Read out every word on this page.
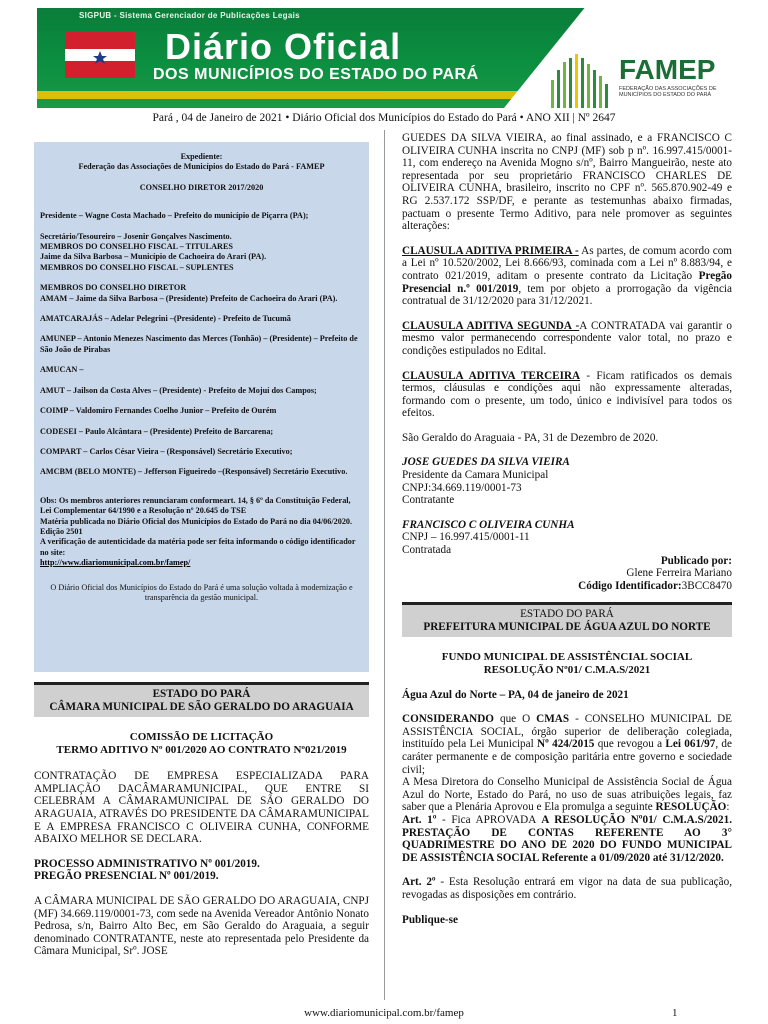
SIGPUB - Sistema Gerenciador de Publicações Legais
Diário Oficial
DOS MUNICÍPIOS DO ESTADO DO PARÁ	FAMEP
FEDERAÇÃO DAS ASSOCIAÇÕES DE MUNICÍPIOS DO ESTADO DO PARÁ
Pará , 04 de Janeiro de 2021 • Diário Oficial dos Municípios do Estado do Pará • ANO XII | Nº 2647

Expediente:

Federação das Associações de Municípios do Estado do Pará - FAMEP

CONSELHO DIRETOR 2017/2020

Presidente – Wagne Costa Machado – Prefeito do município de Piçarra (PA);

Secretário/Tesoureiro – Josenir Gonçalves Nascimento.

MEMBROS DO CONSELHO FISCAL – TITULARES

Jaime da Silva Barbosa – Município de Cachoeira do Arari (PA).

MEMBROS DO CONSELHO FISCAL – SUPLENTES

MEMBROS DO CONSELHO DIRETOR

AMAM – Jaime da Silva Barbosa – (Presidente) Prefeito de Cachoeira do Arari (PA).

AMATCARAJÁS – Adelar Pelegrini –(Presidente) - Prefeito de Tucumã

AMUNEP – Antonio Menezes Nascimento das Merces (Tonhão) – (Presidente) – Prefeito de São João de Pirabas

AMUCAN –

AMUT – Jailson da Costa Alves – (Presidente) - Prefeito de Mojuí dos Campos;

COIMP – Valdomiro Fernandes Coelho Junior – Prefeito de Ourém

CODESEI – Paulo Alcântara – (Presidente) Prefeito de Barcarena;

COMPART – Carlos César Vieira – (Responsável) Secretário Executivo;

AMCBM (BELO MONTE) – Jefferson Figueiredo –(Responsável) Secretário Executivo.

Obs: Os membros anteriores renunciaram conformeart. 14, § 6º da Constituição Federal, Lei Complementar 64/1990 e a Resolução nº 20.645 do TSE

Matéria publicada no Diário Oficial dos Municípios do Estado do Pará no dia 04/06/2020. Edição 2501

A verificação de autenticidade da matéria pode ser feita informando o código identificador no site:

http://www.diariomunicipal.com.br/famep/

O Diário Oficial dos Municípios do Estado do Pará é uma solução voltada à modernização e transparência da gestão municipal.

ESTADO DO PARÁ
CÂMARA MUNICIPAL DE SÃO GERALDO DO ARAGUAIA

COMISSÃO DE LICITAÇÃO

TERMO ADITIVO Nº 001/2020 AO CONTRATO Nº021/2019

CONTRATAÇÃO DE EMPRESA ESPECIALIZADA PARA AMPLIAÇÃO DACÂMARAMUNICIPAL, QUE ENTRE SI CELEBRAM A CÂMARAMUNICIPAL DE SÃO GERALDO DO ARAGUAIA, ATRAVÉS DO PRESIDENTE DA CÂMARAMUNICIPAL E A EMPRESA FRANCISCO C OLIVEIRA CUNHA, CONFORME ABAIXO MELHOR SE DECLARA.

PROCESSO ADMINISTRATIVO Nº 001/2019.

PREGÃO PRESENCIAL Nº 001/2019.

A CÂMARA MUNICIPAL DE SÃO GERALDO DO ARAGUAIA, CNPJ (MF) 34.669.119/0001-73, com sede na Avenida Vereador Antônio Nonato Pedrosa, s/n, Bairro Alto Bec, em São Geraldo do Araguaia, a seguir denominado CONTRATANTE, neste ato representada pelo Presidente da Câmara Municipal, Srº. JOSE

GUEDES DA SILVA VIEIRA, ao final assinado, e a FRANCISCO C OLIVEIRA CUNHA inscrita no CNPJ (MF) sob p nº. 16.997.415/0001-11, com endereço na Avenida Mogno s/nº, Bairro Mangueirão, neste ato representada por seu proprietário FRANCISCO CHARLES DE OLIVEIRA CUNHA, brasileiro, inscrito no CPF nº. 565.870.902-49 e RG 2.537.172 SSP/DF, e perante as testemunhas abaixo firmadas, pactuam o presente Termo Aditivo, para nele promover as seguintes alterações:

CLAUSULA ADITIVA PRIMEIRA - As partes, de comum acordo com a Lei nº 10.520/2002, Lei 8.666/93, cominada com a Lei nº 8.883/94, e contrato 021/2019, aditam o presente contrato da Licitação Pregão Presencial n.º 001/2019, tem por objeto a prorrogação da vigência contratual de 31/12/2020 para 31/12/2021.

CLAUSULA ADITIVA SEGUNDA -A CONTRATADA vai garantir o mesmo valor permanecendo correspondente valor total, no prazo e condições estipulados no Edital.

CLAUSULA ADITIVA TERCEIRA - Ficam ratificados os demais termos, cláusulas e condições aqui não expressamente alteradas, formando com o presente, um todo, único e indivisível para todos os efeitos.

São Geraldo do Araguaia - PA, 31 de Dezembro de 2020.

JOSE GUEDES DA SILVA VIEIRA

Presidente da Camara Municipal

CNPJ:34.669.119/0001-73

Contratante

FRANCISCO C OLIVEIRA CUNHA

CNPJ – 16.997.415/0001-11

Contratada

Publicado por:

Glene Ferreira Mariano

Código Identificador:3BCC8470

ESTADO DO PARÁ
PREFEITURA MUNICIPAL DE ÁGUA AZUL DO NORTE

FUNDO MUNICIPAL DE ASSISTÊNCIAL SOCIAL

RESOLUÇÃO Nº01/ C.M.A.S/2021

Água Azul do Norte – PA, 04 de janeiro de 2021

CONSIDERANDO que O CMAS - CONSELHO MUNICIPAL DE ASSISTÊNCIA SOCIAL, órgão superior de deliberação colegiada, instituído pela Lei Municipal Nº 424/2015 que revogou a Lei 061/97, de caráter permanente e de composição paritária entre governo e sociedade civil;

A Mesa Diretora do Conselho Municipal de Assistência Social de Água Azul do Norte, Estado do Pará, no uso de suas atribuições legais, faz saber que a Plenária Aprovou e Ela promulga a seguinte RESOLUÇÃO:

Art. 1º - Fica APROVADA A RESOLUÇÃO Nº01/ C.M.A.S/2021. PRESTAÇÃO DE CONTAS REFERENTE AO 3° QUADRIMESTRE DO ANO DE 2020 DO FUNDO MUNICIPAL DE ASSISTÊNCIA SOCIAL Referente a 01/09/2020 até 31/12/2020.

Art. 2º - Esta Resolução entrará em vigor na data de sua publicação, revogadas as disposições em contrário.

Publique-se

www.diariomunicipal.com.br/famep	1
